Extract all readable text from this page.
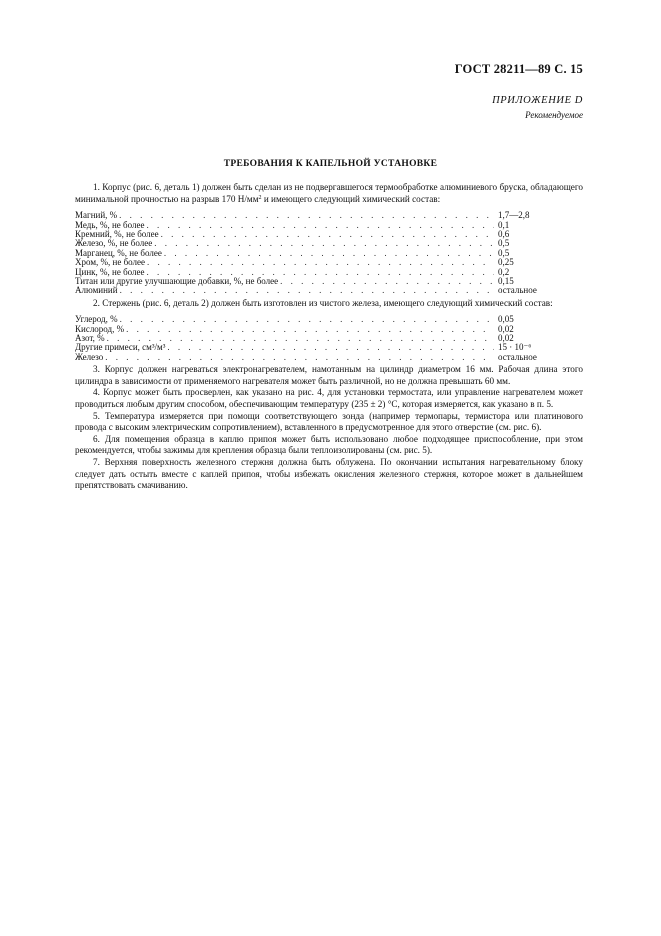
ГОСТ 28211—89 С. 15
ПРИЛОЖЕНИЕ D
Рекомендуемое
ТРЕБОВАНИЯ К КАПЕЛЬНОЙ УСТАНОВКЕ

1. Корпус (рис. 6, деталь 1) должен быть сделан из не подвергавшегося термообработке алюминиевого бруска, обладающего минимальной прочностью на разрыв 170 $Н/мм^2$ и имеющего следующий химический состав:

Магний, % . . .	1,7—2,8
Медь, %, не более . . .	0,1
Кремний, %, не более . . .	0,6
Железо, %, не более . . .	0,5
Марганец, %, не более . . .	0,5
Хром, %, не более . . .	0,25
Цинк, %, не более . . .	0,2
Титан или другие улучшающие добавки, %, не более . . .	0,15
Алюминий . . .	остальное

2. Стержень (рис. 6, деталь 2) должен быть изготовлен из чистого железа, имеющего следующий химический состав:

Углерод, % . . .	0,05
Кислород, % . . .	0,02
Азот, % . . .	0,02
Другие примеси, см³/м³ . . .	15 · 10⁻⁶
Железо . . .	остальное

3. Корпус должен нагреваться электронагревателем, намотанным на цилиндр диаметром 16 мм. Рабочая длина этого цилиндра в зависимости от применяемого нагревателя может быть различной, но не должна превышать 60 мм.

4. Корпус может быть просверлен, как указано на рис. 4, для установки термостата, или управление нагревателем может проводиться любым другим способом, обеспечивающим температуру (235 ± 2) °С, которая измеряется, как указано в п. 5.

5. Температура измеряется при помощи соответствующего зонда (например термопары, термистора или платинового провода с высоким электрическим сопротивлением), вставленного в предусмотренное для этого отверстие (см. рис. 6).

6. Для помещения образца в каплю припоя может быть использовано любое подходящее приспособление, при этом рекомендуется, чтобы зажимы для крепления образца были теплоизолированы (см. рис. 5).

7. Верхняя поверхность железного стержня должна быть облужена. По окончании испытания нагревательному блоку следует дать остыть вместе с каплей припоя, чтобы избежать окисления железного стержня, которое может в дальнейшем препятствовать смачиванию.
